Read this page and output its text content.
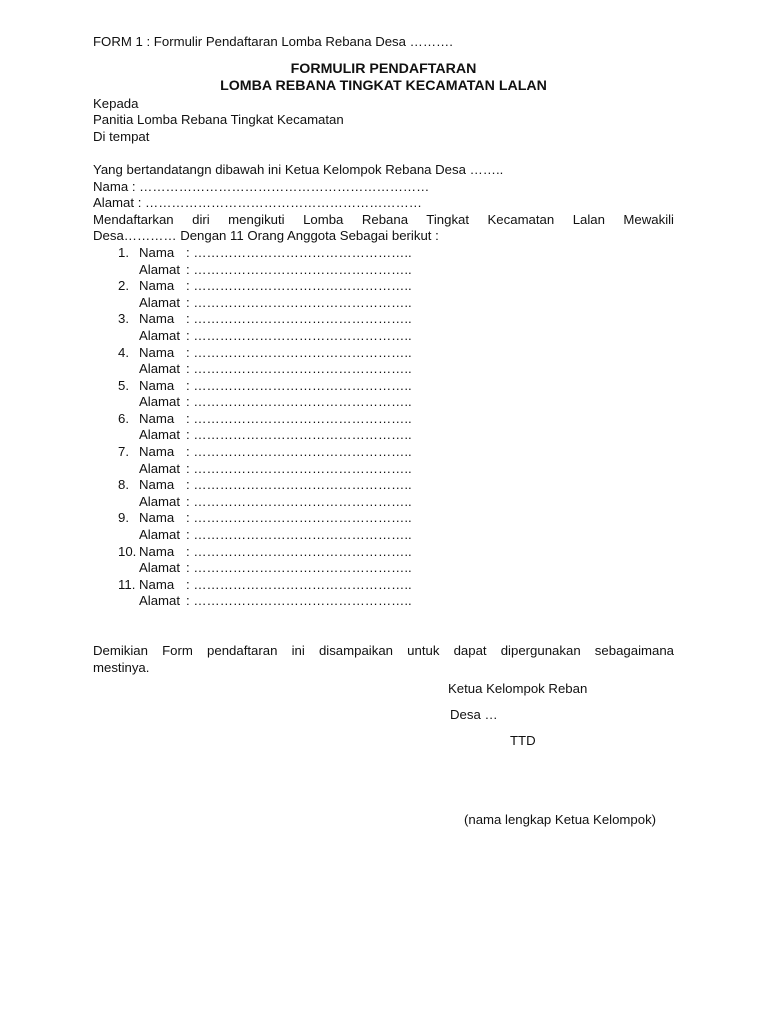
FORM 1 : Formulir Pendaftaran Lomba Rebana Desa ……….
FORMULIR PENDAFTARAN
LOMBA REBANA TINGKAT KECAMATAN LALAN
Kepada
Panitia Lomba Rebana Tingkat Kecamatan
Di tempat
Yang bertandatangn dibawah ini Ketua Kelompok Rebana Desa ……..
Nama : …………………………………………………………
Alamat : ………………………………………………………
Mendaftarkan diri mengikuti Lomba Rebana Tingkat Kecamatan Lalan Mewakili
Desa………… Dengan 11 Orang Anggota Sebagai berikut :
1. Nama : …………………………………………..
Alamat : …………………………………………..
2. Nama : …………………………………………..
Alamat : …………………………………………..
3. Nama : …………………………………………..
Alamat : …………………………………………..
4. Nama : …………………………………………..
Alamat : …………………………………………..
5. Nama : …………………………………………..
Alamat : …………………………………………..
6. Nama : …………………………………………..
Alamat : …………………………………………..
7. Nama : …………………………………………..
Alamat : …………………………………………..
8. Nama : …………………………………………..
Alamat : …………………………………………..
9. Nama : …………………………………………..
Alamat : …………………………………………..
10. Nama : …………………………………………..
Alamat : …………………………………………..
11. Nama : …………………………………………..
Alamat : …………………………………………..
Demikian Form pendaftaran ini disampaikan untuk dapat dipergunakan sebagaimana
mestinya.
Ketua Kelompok Reban
Desa …
TTD
(nama lengkap Ketua Kelompok)
